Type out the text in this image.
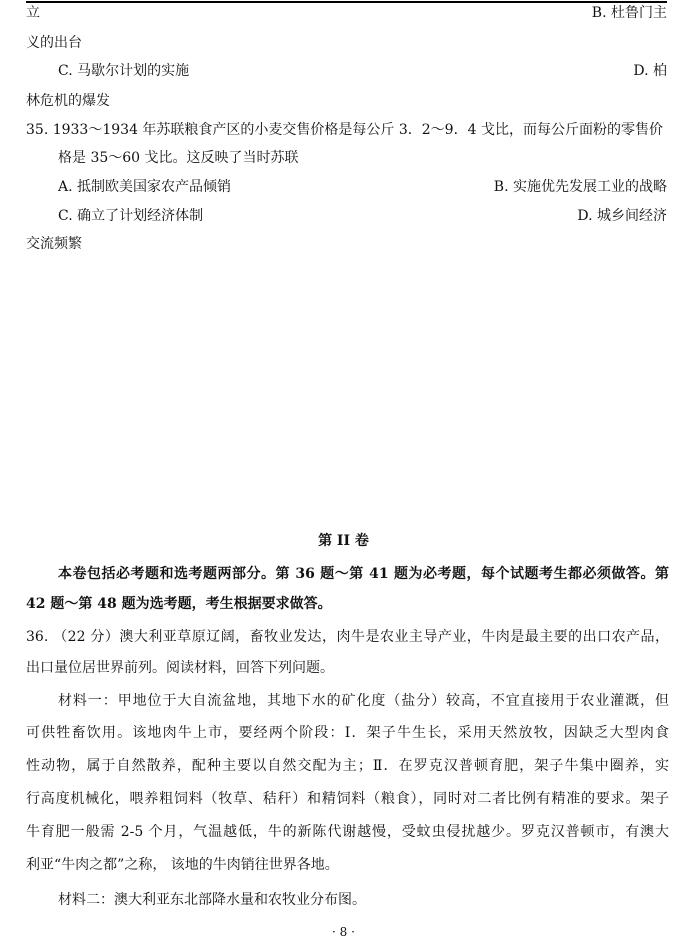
立	B. 杜鲁门主
义的出台
C. 马歇尔计划的实施	D. 柏
林危机的爆发
35. 1933～1934 年苏联粮食产区的小麦交售价格是每公斤 3．2～9．4 戈比，而每公斤面粉的零售价
格是 35～60 戈比。这反映了当时苏联
A. 抵制欧美国家农产品倾销	B. 实施优先发展工业的战略
C. 确立了计划经济体制	D. 城乡间经济
交流频繁
第 II 卷
本卷包括必考题和选考题两部分。第 36 题～第 41 题为必考题，每个试题考生都必须做答。第
42 题～第 48 题为选考题，考生根据要求做答。
36. （22 分）澳大利亚草原辽阔，畜牧业发达，肉牛是农业主导产业，牛肉是最主要的出口农产品，
出口量位居世界前列。阅读材料，回答下列问题。
材料一：甲地位于大自流盆地，其地下水的矿化度（盐分）较高，不宜直接用于农业灌溉，但
可供牲畜饮用。该地肉牛上市，要经两个阶段：Ⅰ．架子牛生长，采用天然放牧，因缺乏大型肉食
性动物，属于自然散养，配种主要以自然交配为主；Ⅱ．在罗克汉普顿育肥，架子牛集中圈养，实
行高度机械化，喂养粗饲料（牧草、秸秆）和精饲料（粮食），同时对二者比例有精准的要求。架子
牛育肥一般需 2-5 个月，气温越低，牛的新陈代谢越慢，受蚊虫侵扰越少。罗克汉普顿市，有澳大
利亚“牛肉之都”之称， 该地的牛肉销往世界各地。
材料二：澳大利亚东北部降水量和农牧业分布图。
· 8 ·
